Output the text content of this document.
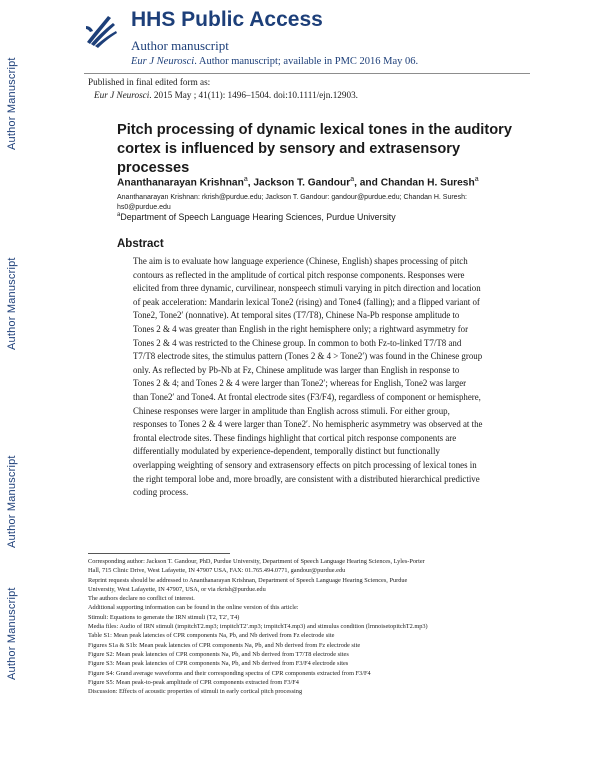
Author Manuscript
Author Manuscript
Author Manuscript
Author Manuscript
HHS Public Access
Author manuscript
Eur J Neurosci. Author manuscript; available in PMC 2016 May 06.
Published in final edited form as:
Eur J Neurosci. 2015 May ; 41(11): 1496–1504. doi:10.1111/ejn.12903.
Pitch processing of dynamic lexical tones in the auditory cortex is influenced by sensory and extrasensory processes
Ananthanarayan Krishnan$^a$, Jackson T. Gandour$^a$, and Chandan H. Suresh$^a$
Ananthanarayan Krishnan: rkrish@purdue.edu; Jackson T. Gandour: gandour@purdue.edu; Chandan H. Suresh: hs0@purdue.edu
$^a$Department of Speech Language Hearing Sciences, Purdue University
Abstract
The aim is to evaluate how language experience (Chinese, English) shapes processing of pitch
contours as reflected in the amplitude of cortical pitch response components. Responses were
elicited from three dynamic, curvilinear, nonspeech stimuli varying in pitch direction and location
of peak acceleration: Mandarin lexical Tone2 (rising) and Tone4 (falling); and a flipped variant of
Tone2, Tone2′ (nonnative). At temporal sites (T7/T8), Chinese Na-Pb response amplitude to
Tones 2 & 4 was greater than English in the right hemisphere only; a rightward asymmetry for
Tones 2 & 4 was restricted to the Chinese group. In common to both Fz-to-linked T7/T8 and
T7/T8 electrode sites, the stimulus pattern (Tones 2 & 4 > Tone2′) was found in the Chinese group
only. As reflected by Pb-Nb at Fz, Chinese amplitude was larger than English in response to
Tones 2 & 4; and Tones 2 & 4 were larger than Tone2′; whereas for English, Tone2 was larger
than Tone2′ and Tone4. At frontal electrode sites (F3/F4), regardless of component or hemisphere,
Chinese responses were larger in amplitude than English across stimuli. For either group,
responses to Tones 2 & 4 were larger than Tone2′. No hemispheric asymmetry was observed at the
frontal electrode sites. These findings highlight that cortical pitch response components are
differentially modulated by experience-dependent, temporally distinct but functionally
overlapping weighting of sensory and extrasensory effects on pitch processing of lexical tones in
the right temporal lobe and, more broadly, are consistent with a distributed hierarchical predictive
coding process.
Corresponding author: Jackson T. Gandour, PhD, Purdue University, Department of Speech Language Hearing Sciences, Lyles-Porter
Hall, 715 Clinic Drive, West Lafayette, IN 47907 USA, FAX: 01.765.494.0771, gandour@purdue.edu
Reprint requests should be addressed to Ananthanarayan Krishnan, Department of Speech Language Hearing Sciences, Purdue
University, West Lafayette, IN 47907, USA, or via rkrish@purdue.edu
The authors declare no conflict of interest.
Additional supporting information can be found in the online version of this article:
Stimuli: Equations to generate the IRN stimuli (T2, T2′, T4)
Media files: Audio of IRN stimuli (irnpitchT2.mp3; irnpitchT2′.mp3; irnpitchT4.mp3) and stimulus condition (lrnnoisetopitchT2.mp3)
Table S1: Mean peak latencies of CPR components Na, Pb, and Nb derived from Fz electrode site
Figures S1a & S1b: Mean peak latencies of CPR components Na, Pb, and Nb derived from Fz electrode site
Figure S2: Mean peak latencies of CPR components Na, Pb, and Nb derived from T7/T8 electrode sites
Figure S3: Mean peak latencies of CPR components Na, Pb, and Nb derived from F3/F4 electrode sites
Figure S4: Grand average waveforms and their corresponding spectra of CPR components extracted from F3/F4
Figure S5: Mean peak-to-peak amplitude of CPR components extracted from F3/F4
Discussion: Effects of acoustic properties of stimuli in early cortical pitch processing
